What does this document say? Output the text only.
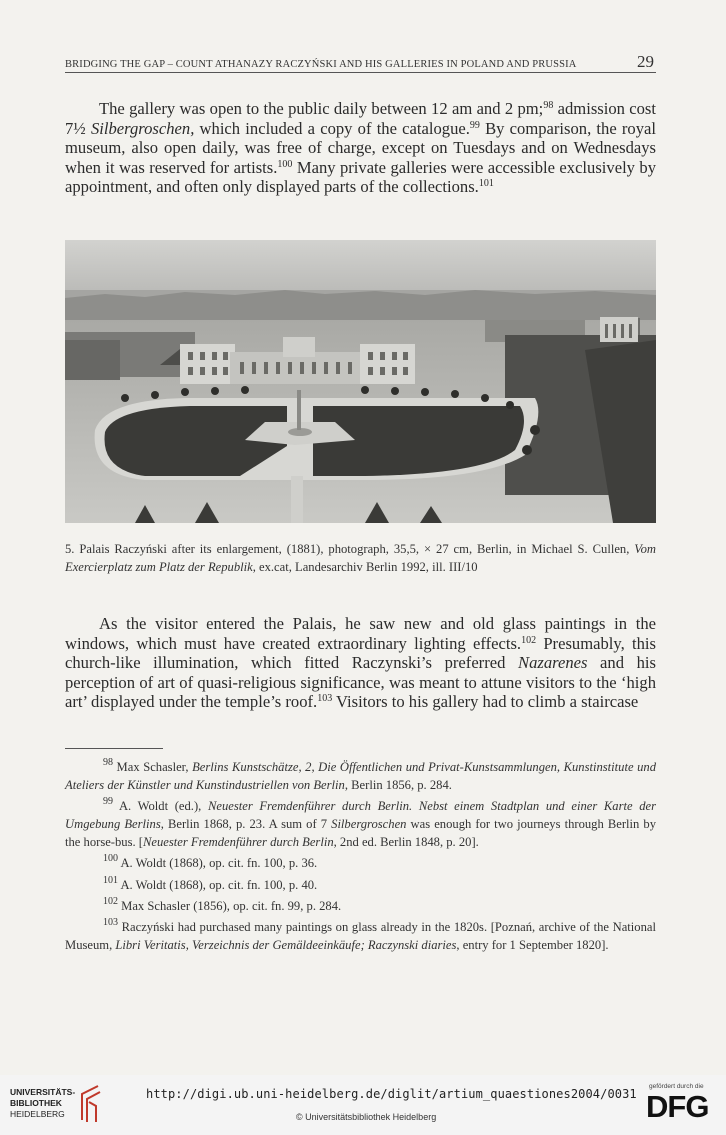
BRIDGING THE GAP – COUNT ATHANAZY RACZYŃSKI AND HIS GALLERIES IN POLAND AND PRUSSIA	29

The gallery was open to the public daily between 12 am and 2 pm;$^{98}$ admission cost 7½ Silbergroschen, which included a copy of the catalogue.$^{99}$ By comparison, the royal museum, also open daily, was free of charge, except on Tuesdays and on Wednesdays when it was reserved for artists.$^{100}$ Many private galleries were accessible exclusively by appointment, and often only displayed parts of the collections.$^{101}$

5. Palais Raczyński after its enlargement, (1881), photograph, 35,5, × 27 cm, Berlin, in Michael S. Cullen, Vom Exercierplatz zum Platz der Republik, ex.cat, Landesarchiv Berlin 1992, ill. III/10

As the visitor entered the Palais, he saw new and old glass paintings in the windows, which must have created extraordinary lighting effects.$^{102}$ Presumably, this church-like illumination, which fitted Raczynski’s preferred Nazarenes and his perception of art of quasi-religious significance, was meant to attune visitors to the ‘high art’ displayed under the temple’s roof.$^{103}$ Visitors to his gallery had to climb a staircase

$^{98}$ Max Schasler, Berlins Kunstschätze, 2, Die Öffentlichen und Privat-Kunstsammlungen, Kunstinstitute und Ateliers der Künstler und Kunstindustriellen von Berlin, Berlin 1856, p. 284.

$^{99}$ A. Woldt (ed.), Neuester Fremdenführer durch Berlin. Nebst einem Stadtplan und einer Karte der Umgebung Berlins, Berlin 1868, p. 23. A sum of 7 Silbergroschen was enough for two journeys through Berlin by the horse-bus. [Neuester Fremdenführer durch Berlin, 2nd ed. Berlin 1848, p. 20].

$^{100}$ A. Woldt (1868), op. cit. fn. 100, p. 36.

$^{101}$ A. Woldt (1868), op. cit. fn. 100, p. 40.

$^{102}$ Max Schasler (1856), op. cit. fn. 99, p. 284.

$^{103}$ Raczyński had purchased many paintings on glass already in the 1820s. [Poznań, archive of the National Museum, Libri Veritatis, Verzeichnis der Gemäldeeinkäufe; Raczynski diaries, entry for 1 September 1820].

UNIVERSITÄTS-
BIBLIOTHEK
HEIDELBERG
http://digi.ub.uni-heidelberg.de/diglit/artium_quaestiones2004/0031
© Universitätsbibliothek Heidelberg
gefördert durch die
DFG
